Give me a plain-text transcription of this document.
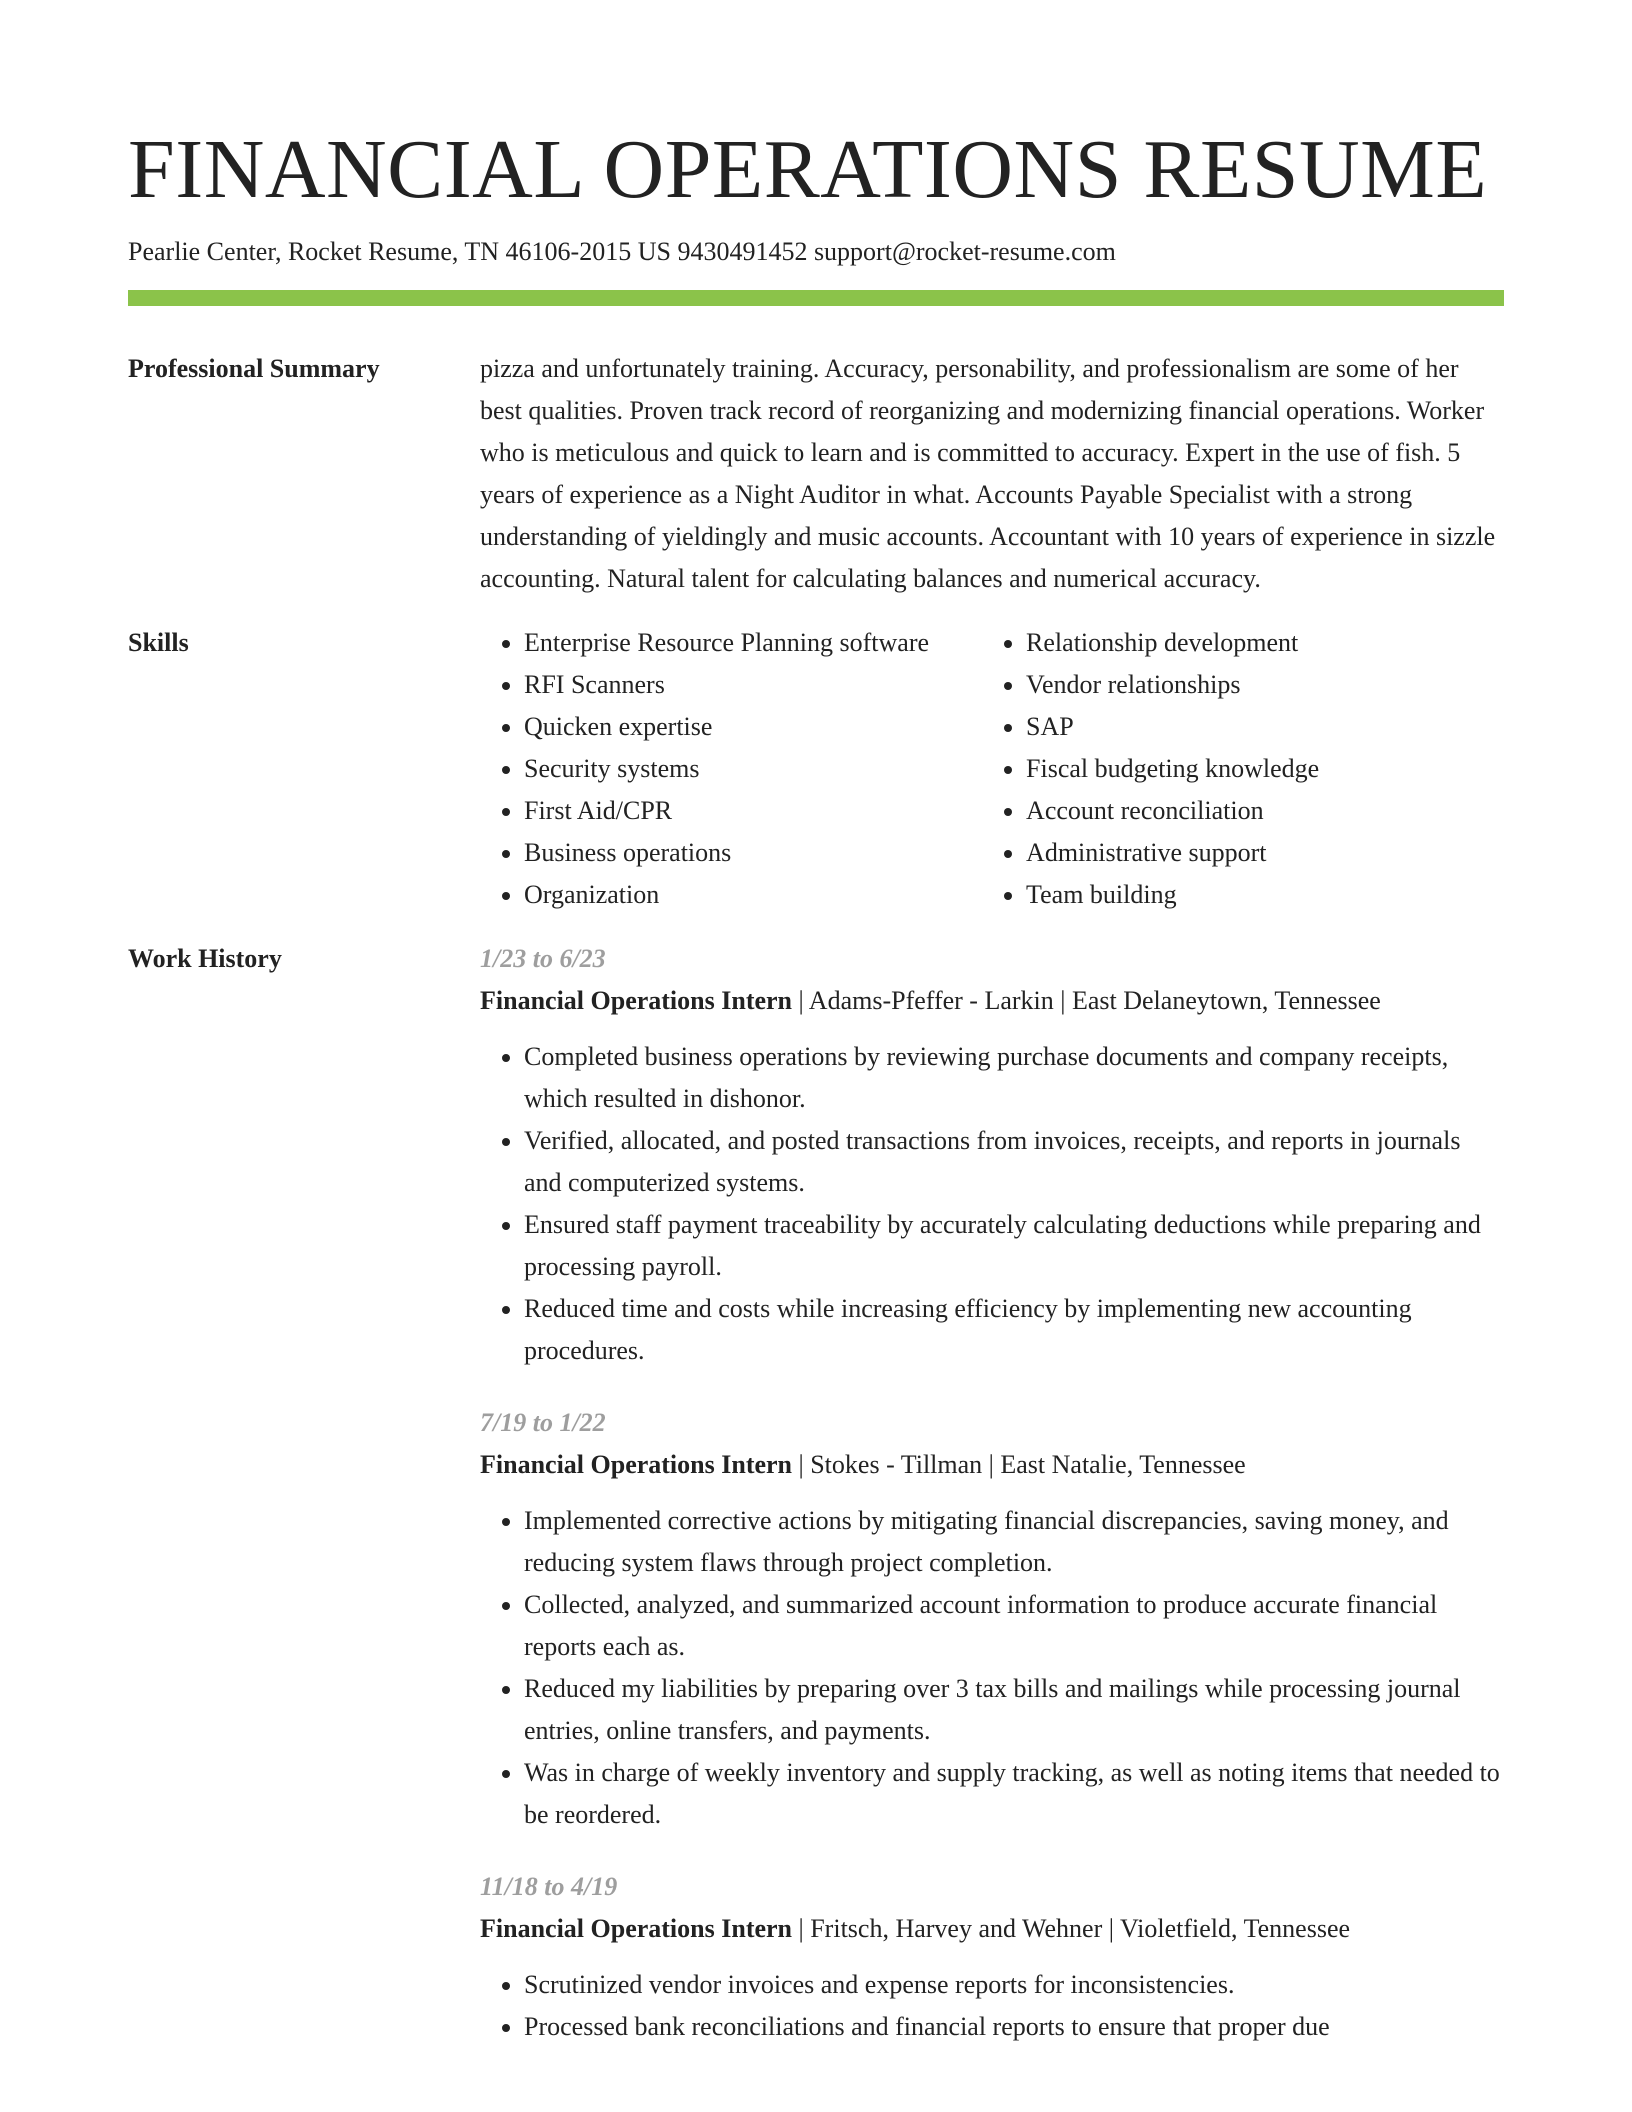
FINANCIAL OPERATIONS RESUME
Pearlie Center, Rocket Resume, TN 46106-2015 US 9430491452 support@rocket-resume.com
Professional Summary	pizza and unfortunately training. Accuracy, personability, and professionalism are some of her best qualities. Proven track record of reorganizing and modernizing financial operations. Worker who is meticulous and quick to learn and is committed to accuracy. Expert in the use of fish. 5 years of experience as a Night Auditor in what. Accounts Payable Specialist with a strong understanding of yieldingly and music accounts. Accountant with 10 years of experience in sizzle accounting. Natural talent for calculating balances and numerical accuracy.

Skills
•	Enterprise Resource Planning software
• RFI Scanners
• Quicken expertise
• Security systems
• First Aid/CPR
• Business operations
• Organization
• Relationship development
• Vendor relationships
• SAP
• Fiscal budgeting knowledge
• Account reconciliation
• Administrative support
• Team building
Work History	1/23 to 6/23
Financial Operations Intern | Adams-Pfeffer - Larkin | East Delaneytown, Tennessee
• Completed business operations by reviewing purchase documents and company receipts, which resulted in dishonor.
• Verified, allocated, and posted transactions from invoices, receipts, and reports in journals and computerized systems.
• Ensured staff payment traceability by accurately calculating deductions while preparing and processing payroll.
• Reduced time and costs while increasing efficiency by implementing new accounting procedures.
7/19 to 1/22
Financial Operations Intern | Stokes - Tillman | East Natalie, Tennessee
• Implemented corrective actions by mitigating financial discrepancies, saving money, and reducing system flaws through project completion.
• Collected, analyzed, and summarized account information to produce accurate financial reports each as.
• Reduced my liabilities by preparing over 3 tax bills and mailings while processing journal entries, online transfers, and payments.
• Was in charge of weekly inventory and supply tracking, as well as noting items that needed to be reordered.
11/18 to 4/19
Financial Operations Intern | Fritsch, Harvey and Wehner | Violetfield, Tennessee
• Scrutinized vendor invoices and expense reports for inconsistencies.
• Processed bank reconciliations and financial reports to ensure that proper due
